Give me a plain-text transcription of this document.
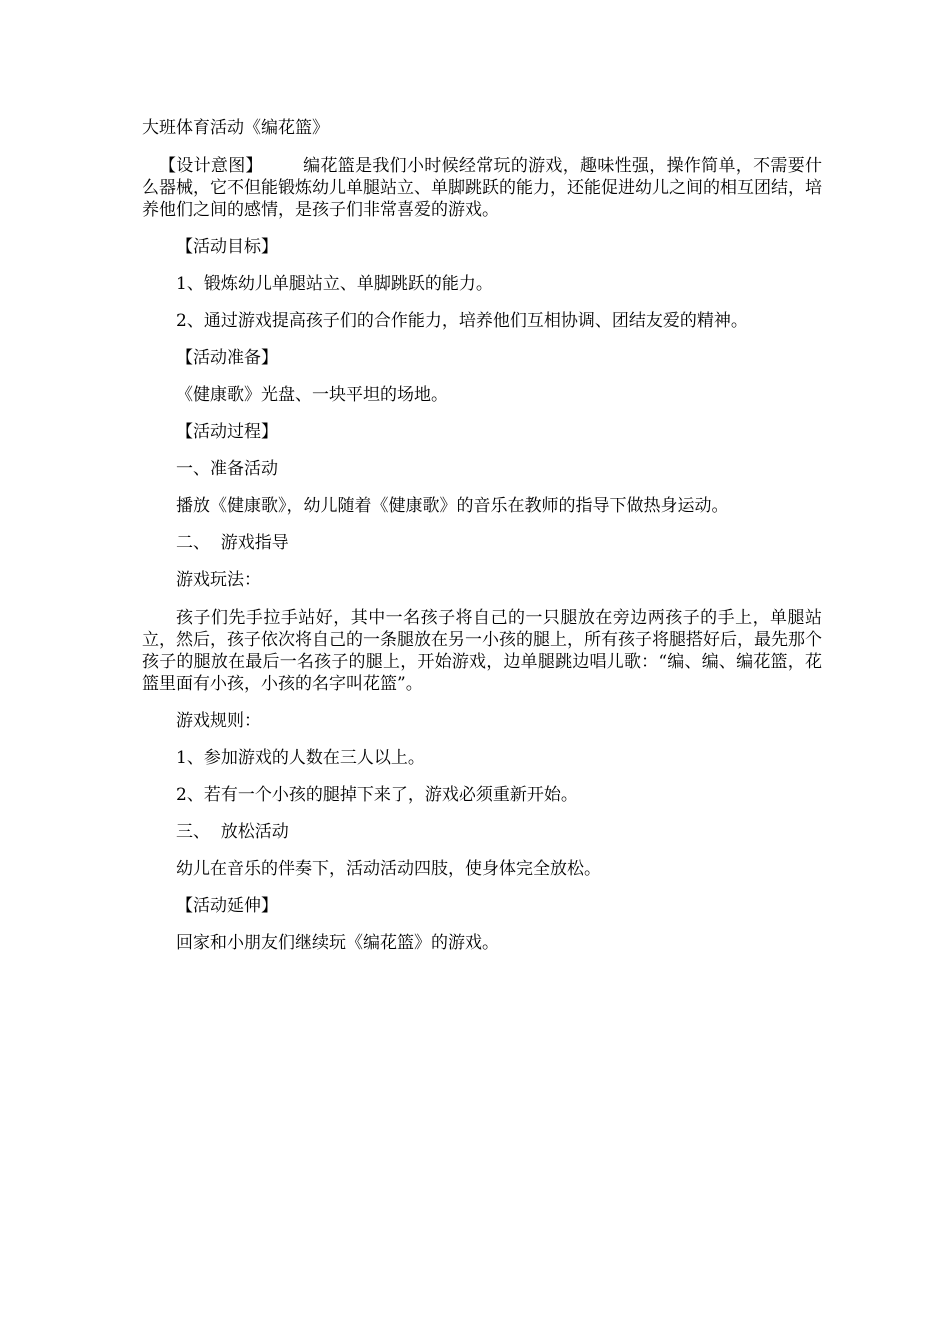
大班体育活动《编花篮》

【设计意图】 编花篮是我们小时候经常玩的游戏，趣味性强，操作简单，不需要什么器械，它不但能锻炼幼儿单腿站立、单脚跳跃的能力，还能促进幼儿之间的相互团结，培养他们之间的感情，是孩子们非常喜爱的游戏。

【活动目标】

1、锻炼幼儿单腿站立、单脚跳跃的能力。

2、通过游戏提高孩子们的合作能力，培养他们互相协调、团结友爱的精神。

【活动准备】

《健康歌》光盘、一块平坦的场地。

【活动过程】

一、准备活动

播放《健康歌》，幼儿随着《健康歌》的音乐在教师的指导下做热身运动。

二、  游戏指导

游戏玩法：

孩子们先手拉手站好，其中一名孩子将自己的一只腿放在旁边两孩子的手上，单腿站立，然后，孩子依次将自己的一条腿放在另一小孩的腿上，所有孩子将腿搭好后，最先那个孩子的腿放在最后一名孩子的腿上，开始游戏，边单腿跳边唱儿歌：“编、编、编花篮，花篮里面有小孩，小孩的名字叫花篮”。

游戏规则：

1、参加游戏的人数在三人以上。

2、若有一个小孩的腿掉下来了，游戏必须重新开始。

三、  放松活动

幼儿在音乐的伴奏下，活动活动四肢，使身体完全放松。

【活动延伸】

回家和小朋友们继续玩《编花篮》的游戏。
